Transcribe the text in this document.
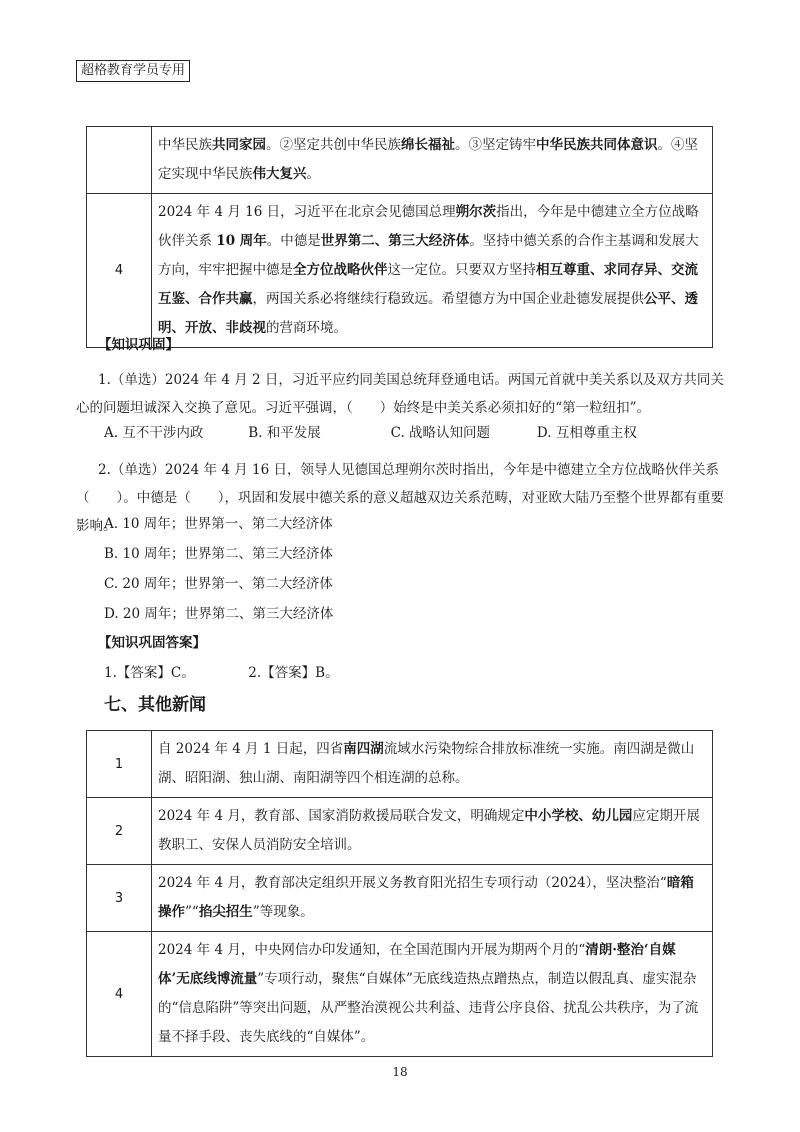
超格教育学员专用
	中华民族共同家园。②坚定共创中华民族绵长福祉。③坚定铸牢中华民族共同体意识。④坚定实现中华民族伟大复兴。
4	2024 年 4 月 16 日，习近平在北京会见德国总理朔尔茨指出，今年是中德建立全方位战略伙伴关系 10 周年。中德是世界第二、第三大经济体。坚持中德关系的合作主基调和发展大方向，牢牢把握中德是全方位战略伙伴这一定位。只要双方坚持相互尊重、求同存异、交流互鉴、合作共赢，两国关系必将继续行稳致远。希望德方为中国企业赴德发展提供公平、透明、开放、非歧视的营商环境。
【知识巩固】
1.（单选）2024 年 4 月 2 日，习近平应约同美国总统拜登通电话。两国元首就中美关系以及双方共同关心的问题坦诚深入交换了意见。习近平强调，（　　）始终是中美关系必须扣好的“第一粒纽扣”。
A. 互不干涉内政	B. 和平发展	C. 战略认知问题	D. 互相尊重主权
2.（单选）2024 年 4 月 16 日，领导人见德国总理朔尔茨时指出，今年是中德建立全方位战略伙伴关系（　　）。中德是（　　），巩固和发展中德关系的意义超越双边关系范畴，对亚欧大陆乃至整个世界都有重要影响。
A. 10 周年；世界第一、第二大经济体
B. 10 周年；世界第二、第三大经济体
C. 20 周年；世界第一、第二大经济体
D. 20 周年；世界第二、第三大经济体
【知识巩固答案】
1.【答案】C。	2.【答案】B。
七、其他新闻
1	自 2024 年 4 月 1 日起，四省南四湖流域水污染物综合排放标准统一实施。南四湖是微山湖、昭阳湖、独山湖、南阳湖等四个相连湖的总称。
2	2024 年 4 月，教育部、国家消防救援局联合发文，明确规定中小学校、幼儿园应定期开展教职工、安保人员消防安全培训。
3	2024 年 4 月，教育部决定组织开展义务教育阳光招生专项行动（2024），坚决整治“暗箱操作”“掐尖招生”等现象。
4	2024 年 4 月，中央网信办印发通知，在全国范围内开展为期两个月的“清朗·整治‘自媒体’无底线博流量”专项行动，聚焦“自媒体”无底线造热点蹭热点，制造以假乱真、虚实混杂的“信息陷阱”等突出问题，从严整治漠视公共利益、违背公序良俗、扰乱公共秩序，为了流量不择手段、丧失底线的“自媒体”。
18
